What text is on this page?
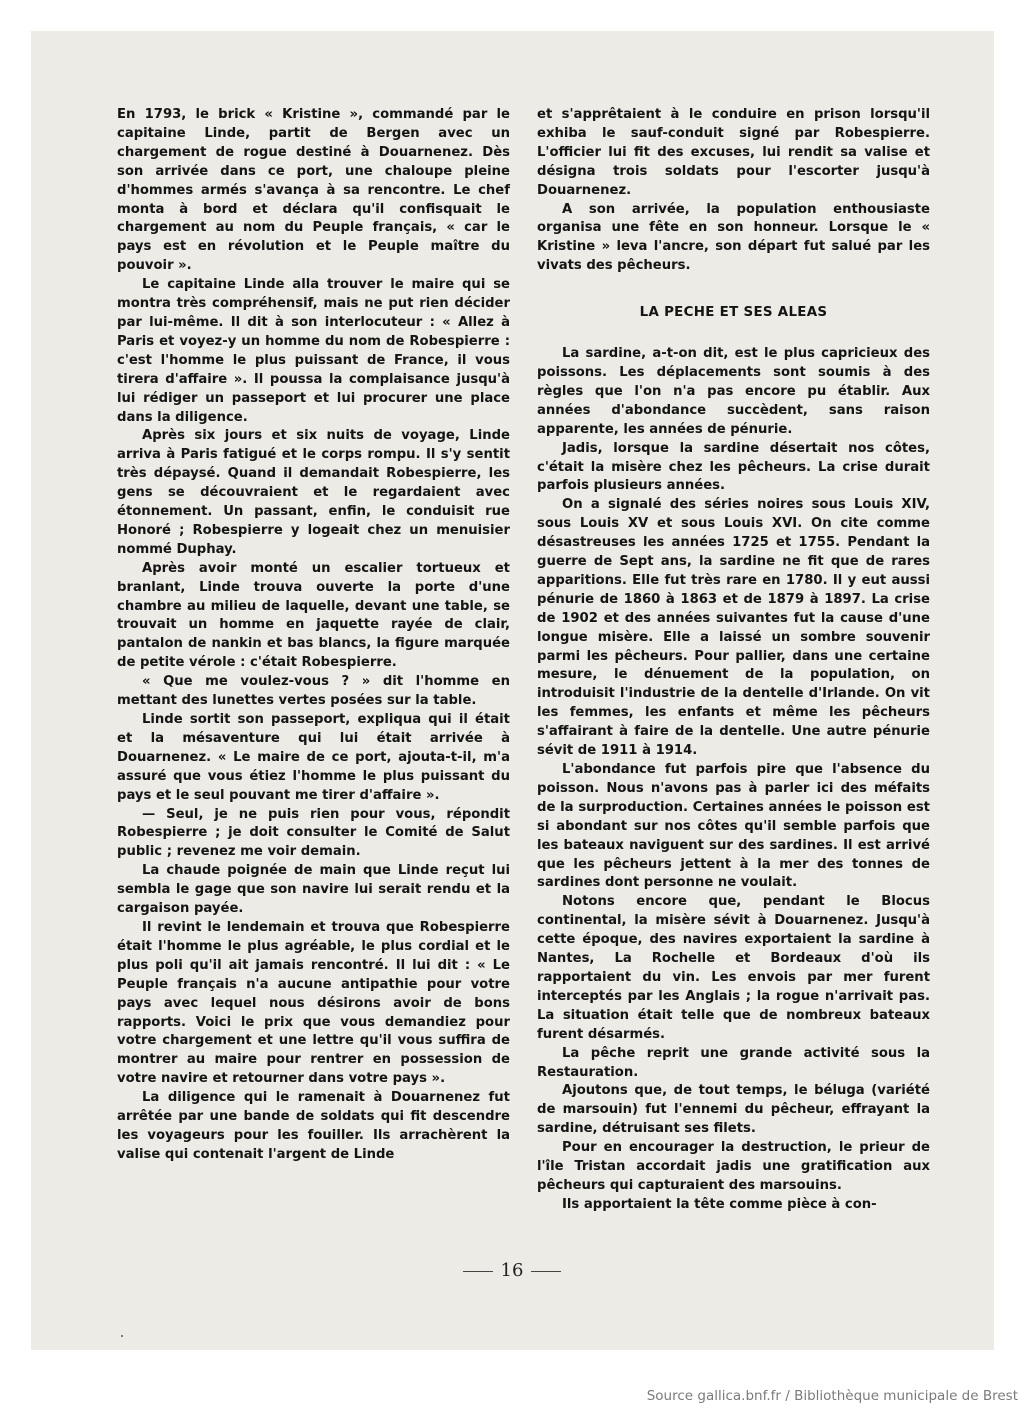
En 1793, le brick « Kristine », commandé par le capitaine Linde, partit de Bergen avec un chargement de rogue destiné à Douarnenez. Dès son arrivée dans ce port, une chaloupe pleine d'hommes armés s'avança à sa rencontre. Le chef monta à bord et déclara qu'il confisquait le chargement au nom du Peuple français, « car le pays est en révolution et le Peuple maître du pouvoir ».

Le capitaine Linde alla trouver le maire qui se montra très compréhensif, mais ne put rien décider par lui-même. Il dit à son interlocuteur : « Allez à Paris et voyez-y un homme du nom de Robespierre : c'est l'homme le plus puissant de France, il vous tirera d'affaire ». Il poussa la complaisance jusqu'à lui rédiger un passeport et lui procurer une place dans la diligence.

Après six jours et six nuits de voyage, Linde arriva à Paris fatigué et le corps rompu. Il s'y sentit très dépaysé. Quand il demandait Robespierre, les gens se découvraient et le regardaient avec étonnement. Un passant, enfin, le conduisit rue Honoré ; Robespierre y logeait chez un menuisier nommé Duphay.

Après avoir monté un escalier tortueux et branlant, Linde trouva ouverte la porte d'une chambre au milieu de laquelle, devant une table, se trouvait un homme en jaquette rayée de clair, pantalon de nankin et bas blancs, la figure marquée de petite vérole : c'était Robespierre.

« Que me voulez-vous ? » dit l'homme en mettant des lunettes vertes posées sur la table.

Linde sortit son passeport, expliqua qui il était et la mésaventure qui lui était arrivée à Douarnenez. « Le maire de ce port, ajouta-t-il, m'a assuré que vous étiez l'homme le plus puissant du pays et le seul pouvant me tirer d'affaire ».

— Seul, je ne puis rien pour vous, répondit Robespierre ; je doit consulter le Comité de Salut public ; revenez me voir demain.

La chaude poignée de main que Linde reçut lui sembla le gage que son navire lui serait rendu et la cargaison payée.

Il revint le lendemain et trouva que Robespierre était l'homme le plus agréable, le plus cordial et le plus poli qu'il ait jamais rencontré. Il lui dit : « Le Peuple français n'a aucune antipathie pour votre pays avec lequel nous désirons avoir de bons rapports. Voici le prix que vous demandiez pour votre chargement et une lettre qu'il vous suffira de montrer au maire pour rentrer en possession de votre navire et retourner dans votre pays ».

La diligence qui le ramenait à Douarnenez fut arrêtée par une bande de soldats qui fit descendre les voyageurs pour les fouiller. Ils arrachèrent la valise qui contenait l'argent de Linde

et s'apprêtaient à le conduire en prison lorsqu'il exhiba le sauf-conduit signé par Robespierre. L'officier lui fit des excuses, lui rendit sa valise et désigna trois soldats pour l'escorter jusqu'à Douarnenez.

A son arrivée, la population enthousiaste organisa une fête en son honneur. Lorsque le « Kristine » leva l'ancre, son départ fut salué par les vivats des pêcheurs.

LA PECHE ET SES ALEAS

La sardine, a-t-on dit, est le plus capricieux des poissons. Les déplacements sont soumis à des règles que l'on n'a pas encore pu établir. Aux années d'abondance succèdent, sans raison apparente, les années de pénurie.

Jadis, lorsque la sardine désertait nos côtes, c'était la misère chez les pêcheurs. La crise durait parfois plusieurs années.

On a signalé des séries noires sous Louis XIV, sous Louis XV et sous Louis XVI. On cite comme désastreuses les années 1725 et 1755. Pendant la guerre de Sept ans, la sardine ne fit que de rares apparitions. Elle fut très rare en 1780. Il y eut aussi pénurie de 1860 à 1863 et de 1879 à 1897. La crise de 1902 et des années suivantes fut la cause d'une longue misère. Elle a laissé un sombre souvenir parmi les pêcheurs. Pour pallier, dans une certaine mesure, le dénuement de la population, on introduisit l'industrie de la dentelle d'Irlande. On vit les femmes, les enfants et même les pêcheurs s'affairant à faire de la dentelle. Une autre pénurie sévit de 1911 à 1914.

L'abondance fut parfois pire que l'absence du poisson. Nous n'avons pas à parler ici des méfaits de la surproduction. Certaines années le poisson est si abondant sur nos côtes qu'il semble parfois que les bateaux naviguent sur des sardines. Il est arrivé que les pêcheurs jettent à la mer des tonnes de sardines dont personne ne voulait.

Notons encore que, pendant le Blocus continental, la misère sévit à Douarnenez. Jusqu'à cette époque, des navires exportaient la sardine à Nantes, La Rochelle et Bordeaux d'où ils rapportaient du vin. Les envois par mer furent interceptés par les Anglais ; la rogue n'arrivait pas. La situation était telle que de nombreux bateaux furent désarmés.

La pêche reprit une grande activité sous la Restauration.

Ajoutons que, de tout temps, le béluga (variété de marsouin) fut l'ennemi du pêcheur, effrayant la sardine, détruisant ses filets.

Pour en encourager la destruction, le prieur de l'île Tristan accordait jadis une gratification aux pêcheurs qui capturaient des marsouins.

Ils apportaient la tête comme pièce à con-

16
Source gallica.bnf.fr / Bibliothèque municipale de Brest
